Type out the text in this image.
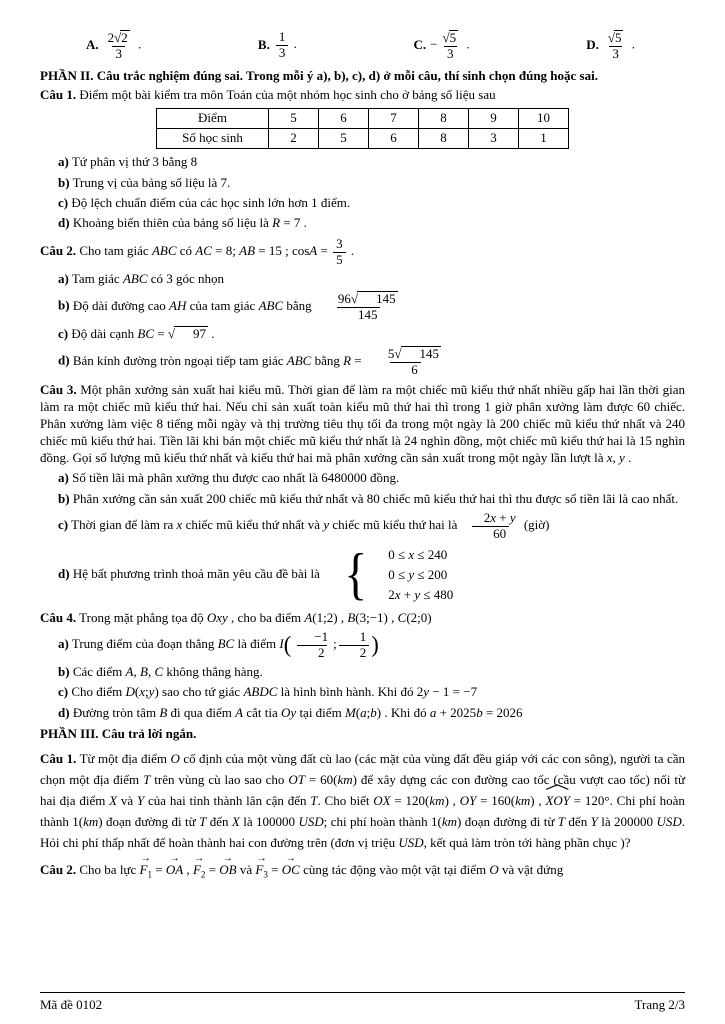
A. $\frac{2√2}{3}$ .	B. $\frac{1}{3}$ .	C. − $\frac{√5}{3}$ .	D. $\frac{√5}{3}$ .

PHẦN II. Câu trắc nghiệm đúng sai. Trong mỗi ý a), b), c), d) ở mỗi câu, thí sinh chọn đúng hoặc sai.

Câu 1. Điểm một bài kiểm tra môn Toán của một nhóm học sinh cho ở bảng số liệu sau

Điểm	5	6	7	8	9	10
Số học sinh	2	5	6	8	3	1

a) Tứ phân vị thứ 3 bằng 8

b) Trung vị của bảng số liệu là 7.

c) Độ lệch chuẩn điểm của các học sinh lớn hơn 1 điểm.

d) Khoảng biến thiên của bảng số liệu là R = 7 .

Câu 2. Cho tam giác ABC có AC = 8; AB = 15 ; $\cos A = \frac{3}{5}$ .

a) Tam giác ABC có 3 góc nhọn

b) Độ dài đường cao AH của tam giác ABC bằng $\frac{96√ 145}{145}$

c) Độ dài cạnh BC = √ 97 .

d) Bán kính đường tròn ngoại tiếp tam giác ABC bằng $R = \frac{5√ 145}{6}$

Câu 3. Một phân xưởng sản xuất hai kiểu mũ. Thời gian để làm ra một chiếc mũ kiểu thứ nhất nhiều gấp hai lần thời gian làm ra một chiếc mũ kiểu thứ hai. Nếu chỉ sản xuất toàn kiểu mũ thứ hai thì trong 1 giờ phân xưởng làm được 60 chiếc. Phân xưởng làm việc 8 tiếng mỗi ngày và thị trường tiêu thụ tối đa trong một ngày là 200 chiếc mũ kiểu thứ nhất và 240 chiếc mũ kiểu thứ hai. Tiền lãi khi bán một chiếc mũ kiểu thứ nhất là 24 nghìn đồng, một chiếc mũ kiểu thứ hai là 15 nghìn đồng. Gọi số lượng mũ kiểu thứ nhất và kiểu thứ hai mà phân xưởng cần sản xuất trong một ngày lần lượt là x, y .

a) Số tiền lãi mà phân xưởng thu được cao nhất là 6480000 đồng.

b) Phân xưởng cần sản xuất 200 chiếc mũ kiểu thứ nhất và 80 chiếc mũ kiểu thứ hai thì thu được số tiền lãi là cao nhất.

c) Thời gian để làm ra x chiếc mũ kiểu thứ nhất và y chiếc mũ kiểu thứ hai là $\frac{2x + y}{60}$ (giờ)

d) Hệ bất phương trình thoả mãn yêu cầu đề bài là {	0 ≤ x ≤ 240
0 ≤ y ≤ 200
2x + y ≤ 480

Câu 4. Trong mặt phẳng tọa độ Oxy , cho ba điểm A(1;2) , B(3;−1) , C(2;0)

a) Trung điểm của đoạn thẳng BC là điểm $I( \frac{-1}{2}$ ; $\frac{1}{2}$ )

b) Các điểm A, B, C không thẳng hàng.

c) Cho điểm D(x;y) sao cho tứ giác ABDC là hình bình hành. Khi đó 2y − 1 = −7

d) Đường tròn tâm B đi qua điểm A cắt tia Oy tại điểm M(a;b) . Khi đó a + 2025b = 2026

PHẦN III. Câu trả lời ngắn.

Câu 1. Từ một địa điểm O cố định của một vùng đất cù lao (các mặt của vùng đất đều giáp với các con sông), người ta cần chọn một địa điểm T trên vùng cù lao sao cho OT = 60(km) để xây dựng các con đường cao tốc (cầu vượt cao tốc) nối từ hai địa điểm X và Y của hai tỉnh thành lân cận đến T. Cho biết OX = 120(km) , OY = 160(km) ,
XOY = 120°. Chi phí hoàn thành 1(km) đoạn đường đi từ T đến X là 100000 USD; chi phí hoàn thành 1(km) đoạn đường đi từ T đến Y là 200000 USD. Hỏi chi phí thấp nhất để hoàn thành hai con đường trên (đơn vị triệu USD, kết quả làm tròn tới hàng phần chục )?

Câu 2. Cho ba lực
→
$F_1$ =
→
OA ,
→
$F_2$ =
→
OB và
→
$F_3$ =
→
OC cùng tác động vào một vật tại điểm O và vật đứng

Mã đề 0102	Trang 2/3
